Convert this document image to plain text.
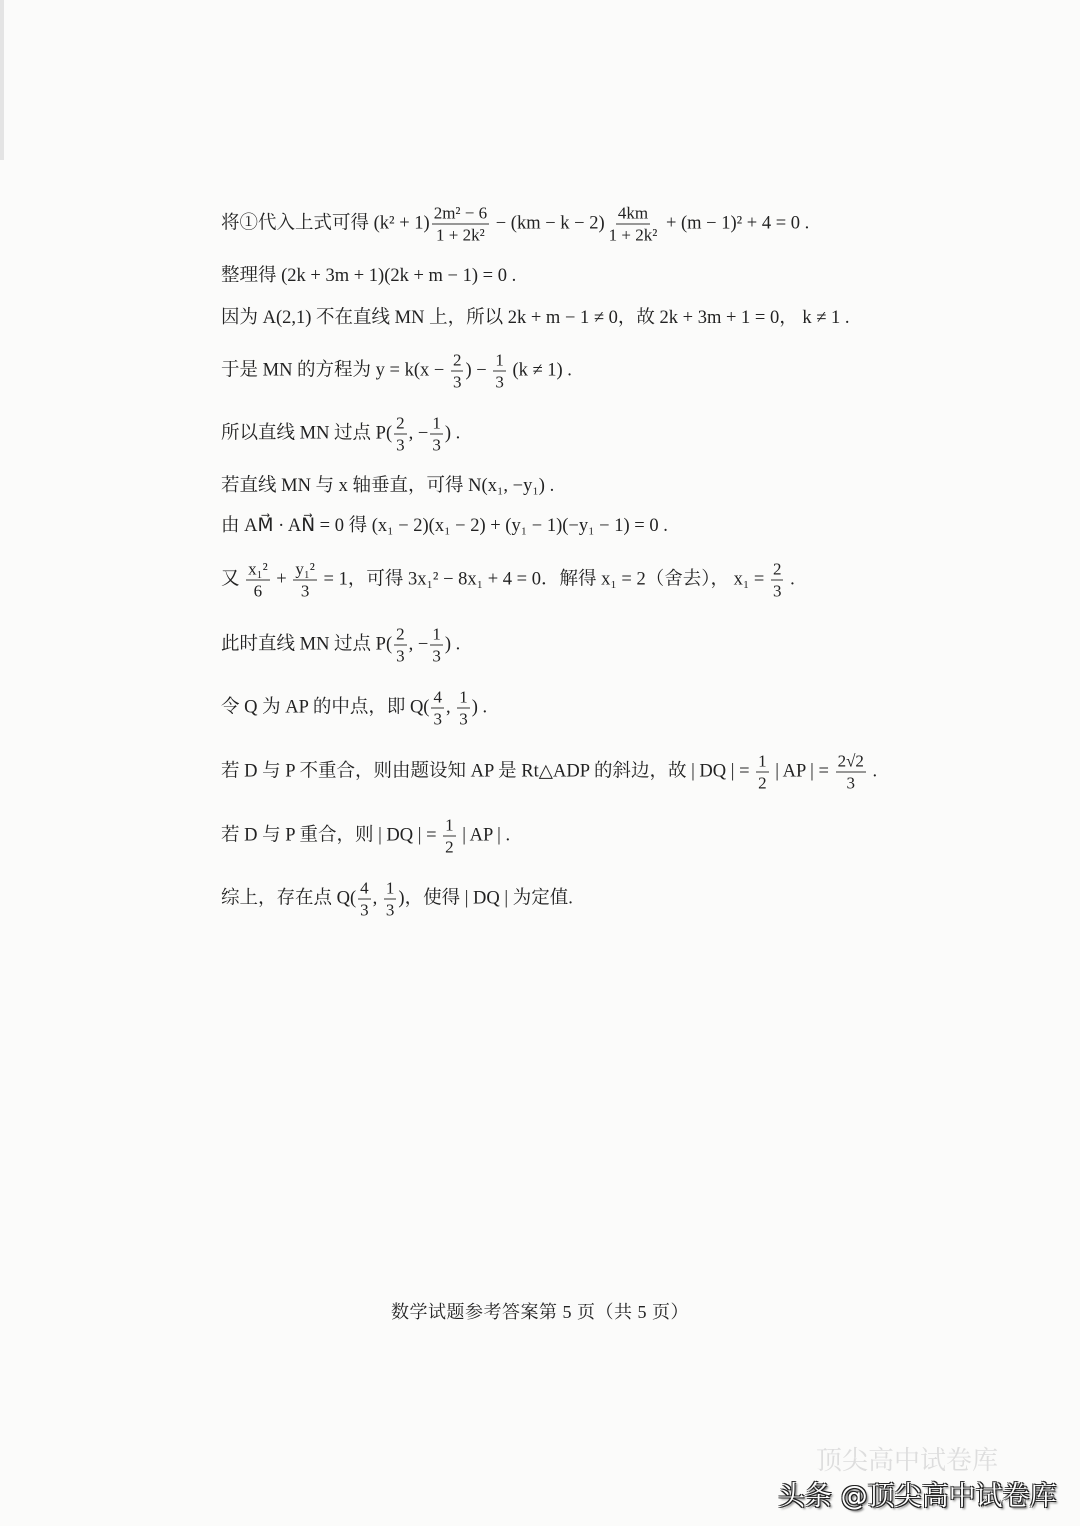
将①代入上式可得 $(k^2 + 1) \frac{\text{2m² − 6}}{\text{1 + 2k²}} - (km - k - 2) \frac{4km}{\text{1 + 2k²}} + (m - 1)^2 + 4 = 0$ .
整理得 (2k + 3m + 1)(2k + m − 1) = 0 .
因为 A(2,1) 不在直线 MN 上，所以 2k + m − 1 ≠ 0，故 2k + 3m + 1 = 0， k ≠ 1 .
于是 MN 的方程为 $y = k(x - \frac{2}{3}$ ) − $\frac{1}{3} (k \ne 1)$ .
所以直线 MN 过点 $P( \frac{2}{3}$ , − $\frac{1}{3}$ ) .
若直线 MN 与 x 轴垂直，可得 N(x₁, −y₁) .
由 AM⃗ · AN⃗ = 0 得 (x₁ − 2)(x₁ − 2) + (y₁ − 1)(−y₁ − 1) = 0 .
又 $\frac{\text{x₁²}}{6} + \frac{\text{y₁²}}{3} = 1$，可得 3x₁² − 8x₁ + 4 = 0．解得 x₁ = 2（舍去）， $x_1 = \frac{2}{3}$ .
此时直线 MN 过点 $P( \frac{2}{3}$ , − $\frac{1}{3}$ ) .
令 Q 为 AP 的中点，即 $Q( \frac{4}{3}$ , $\frac{1}{3}$ ) .
若 D 与 P 不重合，则由题设知 AP 是 Rt△ADP 的斜边，故 | DQ | = $\frac{1}{2}$ | AP | = $\frac{2√2}{3}$ .
若 D 与 P 重合，则 | DQ | = $\frac{1}{2}$ | AP | .
综上，存在点 $Q( \frac{4}{3}$ , $\frac{1}{3}$ )，使得 | DQ | 为定值.
数学试题参考答案第 5 页（共 5 页）
顶尖高中试卷库
头条 @顶尖高中试卷库
